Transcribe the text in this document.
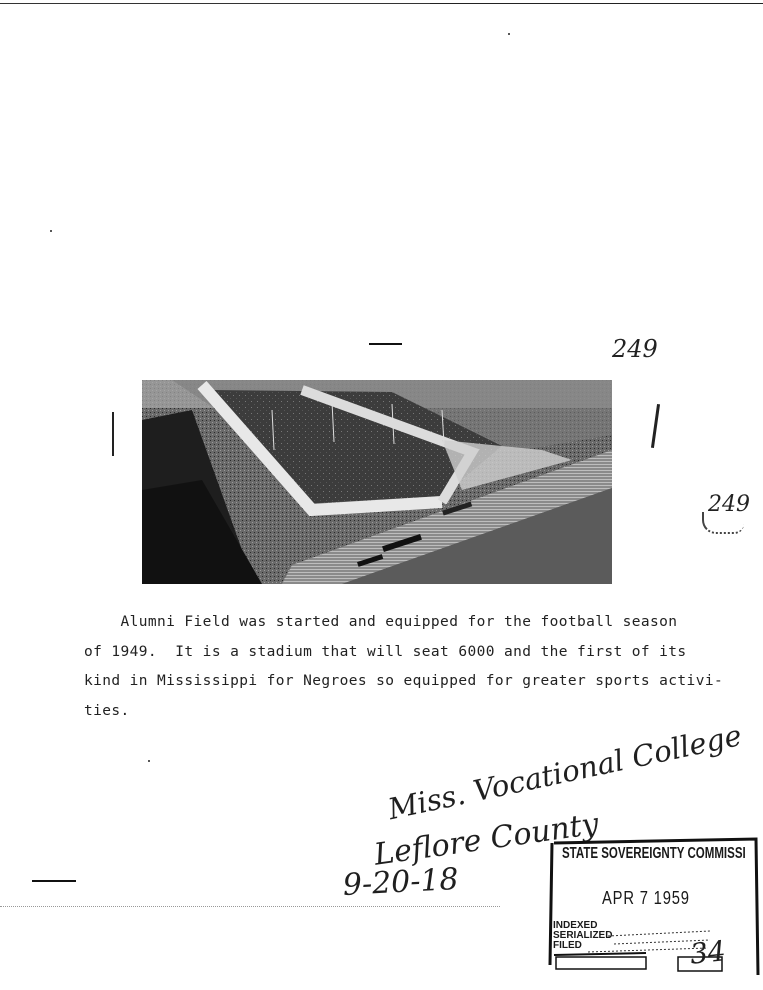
249
249
Alumni Field was started and equipped for the football season
of 1949.  It is a stadium that will seat 6000 and the first of its
kind in Mississippi for Negroes so equipped for greater sports activi-
ties.
Miss. Vocational College
Leflore County
9-20-18
STATE SOVEREIGNTY COMMISSI
APR 7 1959
INDEXED
SERIALIZED
FILED	34
